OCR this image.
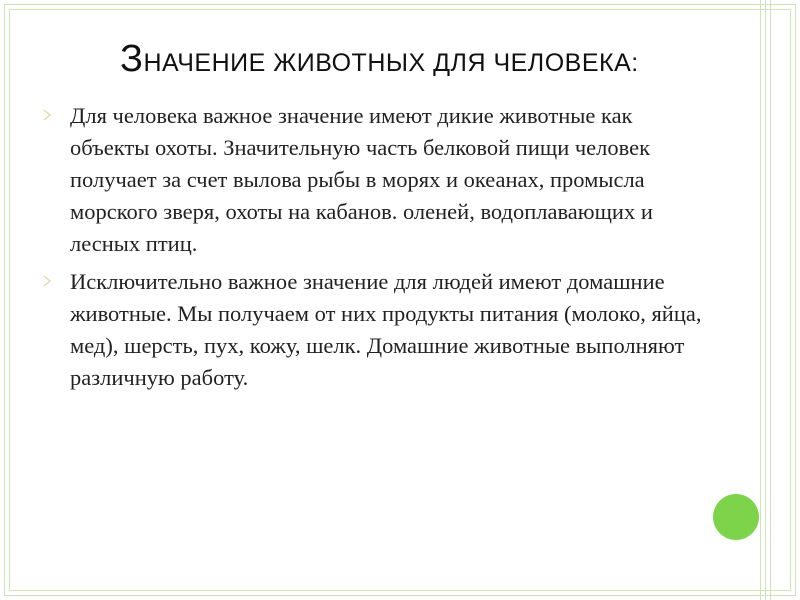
ЗНАЧЕНИЕ ЖИВОТНЫХ ДЛЯ ЧЕЛОВЕКА:
Для человека важное значение имеют дикие животные как объекты охоты. Значительную часть белковой пищи человек получает за счет вылова рыбы в морях и океанах, промысла морского зверя, охоты на кабанов. оленей, водоплавающих и лесных птиц.
Исключительно важное значение для людей имеют домашние животные. Мы получаем от них продукты питания (молоко, яйца, мед), шерсть, пух, кожу, шелк. Домашние животные выполняют различную работу.
